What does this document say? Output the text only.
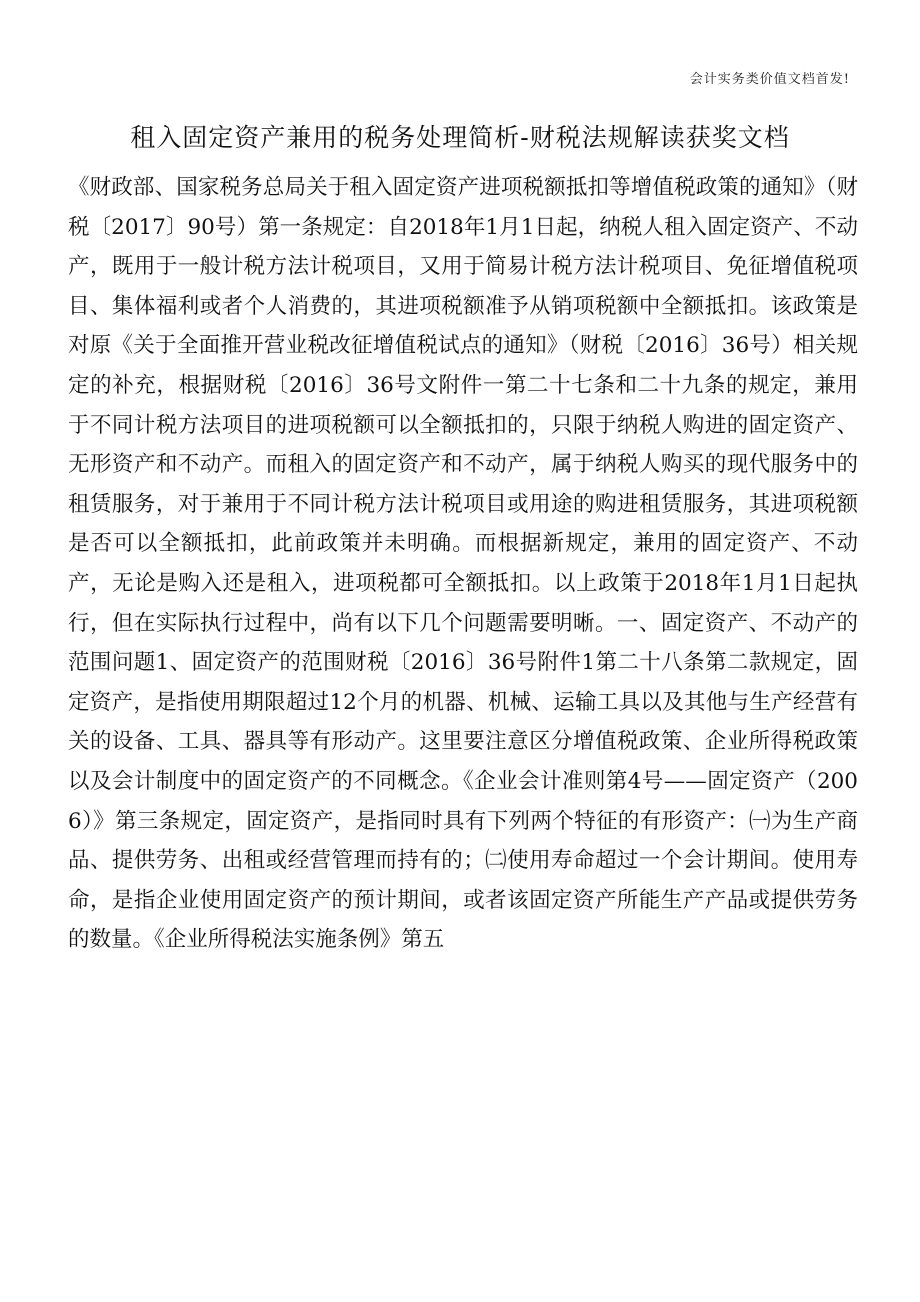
会计实务类价值文档首发!
租入固定资产兼用的税务处理简析-财税法规解读获奖文档

《财政部、国家税务总局关于租入固定资产进项税额抵扣等增值税政策的通知》（财税〔2017〕90号）第一条规定：自2018年1月1日起，纳税人租入固定资产、不动产，既用于一般计税方法计税项目，又用于简易计税方法计税项目、免征增值税项目、集体福利或者个人消费的，其进项税额准予从销项税额中全额抵扣。该政策是对原《关于全面推开营业税改征增值税试点的通知》（财税〔2016〕36号）相关规定的补充，根据财税〔2016〕36号文附件一第二十七条和二十九条的规定，兼用于不同计税方法项目的进项税额可以全额抵扣的，只限于纳税人购进的固定资产、无形资产和不动产。而租入的固定资产和不动产，属于纳税人购买的现代服务中的租赁服务，对于兼用于不同计税方法计税项目或用途的购进租赁服务，其进项税额是否可以全额抵扣，此前政策并未明确。而根据新规定，兼用的固定资产、不动产，无论是购入还是租入，进项税都可全额抵扣。以上政策于2018年1月1日起执行，但在实际执行过程中，尚有以下几个问题需要明晰。一、固定资产、不动产的范围问题1、固定资产的范围财税〔2016〕36号附件1第二十八条第二款规定，固定资产，是指使用期限超过12个月的机器、机械、运输工具以及其他与生产经营有关的设备、工具、器具等有形动产。这里要注意区分增值税政策、企业所得税政策以及会计制度中的固定资产的不同概念。《企业会计准则第4号——固定资产（2006）》第三条规定，固定资产，是指同时具有下列两个特征的有形资产：㈠为生产商品、提供劳务、出租或经营管理而持有的；㈡使用寿命超过一个会计期间。使用寿命，是指企业使用固定资产的预计期间，或者该固定资产所能生产产品或提供劳务的数量。《企业所得税法实施条例》第五
